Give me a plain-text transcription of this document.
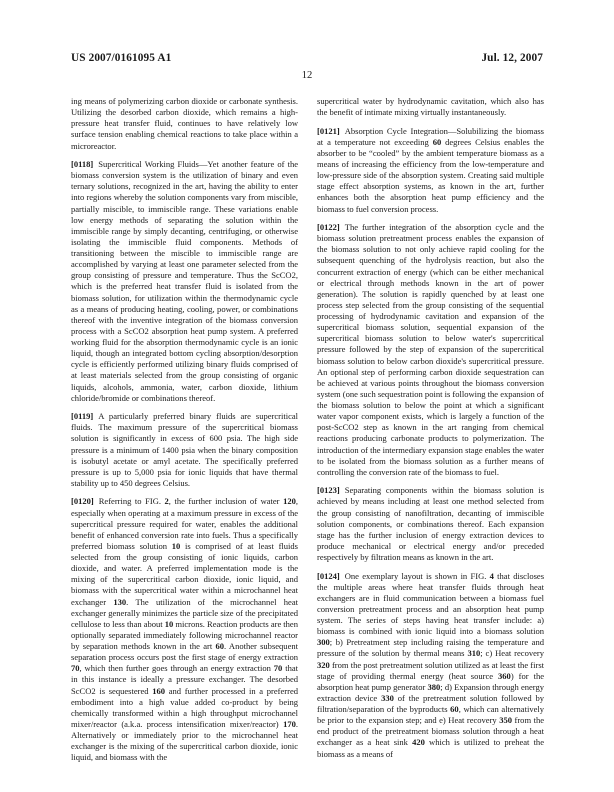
US 2007/0161095 A1	Jul. 12, 2007
12

ing means of polymerizing carbon dioxide or carbonate synthesis. Utilizing the desorbed carbon dioxide, which remains a high-pressure heat transfer fluid, continues to have relatively low surface tension enabling chemical reactions to take place within a microreactor.

[0118] Supercritical Working Fluids—Yet another feature of the biomass conversion system is the utilization of binary and even ternary solutions, recognized in the art, having the ability to enter into regions whereby the solution components vary from miscible, partially miscible, to immiscible range. These variations enable low energy methods of separating the solution within the immiscible range by simply decanting, centrifuging, or otherwise isolating the immiscible fluid components. Methods of transitioning between the miscible to immiscible range are accomplished by varying at least one parameter selected from the group consisting of pressure and temperature. Thus the ScCO2, which is the preferred heat transfer fluid is isolated from the biomass solution, for utilization within the thermodynamic cycle as a means of producing heating, cooling, power, or combinations thereof with the inventive integration of the biomass conversion process with a ScCO2 absorption heat pump system. A preferred working fluid for the absorption thermodynamic cycle is an ionic liquid, though an integrated bottom cycling absorption/desorption cycle is efficiently performed utilizing binary fluids comprised of at least materials selected from the group consisting of organic liquids, alcohols, ammonia, water, carbon dioxide, lithium chloride/bromide or combinations thereof.

[0119] A particularly preferred binary fluids are supercritical fluids. The maximum pressure of the supercritical biomass solution is significantly in excess of 600 psia. The high side pressure is a minimum of 1400 psia when the binary composition is isobutyl acetate or amyl acetate. The specifically preferred pressure is up to 5,000 psia for ionic liquids that have thermal stability up to 450 degrees Celsius.

[0120] Referring to FIG. 2, the further inclusion of water 120, especially when operating at a maximum pressure in excess of the supercritical pressure required for water, enables the additional benefit of enhanced conversion rate into fuels. Thus a specifically preferred biomass solution 10 is comprised of at least fluids selected from the group consisting of ionic liquids, carbon dioxide, and water. A preferred implementation mode is the mixing of the supercritical carbon dioxide, ionic liquid, and biomass with the supercritical water within a microchannel heat exchanger 130. The utilization of the microchannel heat exchanger generally minimizes the particle size of the precipitated cellulose to less than about 10 microns. Reaction products are then optionally separated immediately following microchannel reactor by separation methods known in the art 60. Another subsequent separation process occurs post the first stage of energy extraction 70, which then further goes through an energy extraction 70 that in this instance is ideally a pressure exchanger. The desorbed ScCO2 is sequestered 160 and further processed in a preferred embodiment into a high value added co-product by being chemically transformed within a high throughput microchannel mixer/reactor (a.k.a. process intensification mixer/reactor) 170. Alternatively or immediately prior to the microchannel heat exchanger is the mixing of the supercritical carbon dioxide, ionic liquid, and biomass with the

supercritical water by hydrodynamic cavitation, which also has the benefit of intimate mixing virtually instantaneously.

[0121] Absorption Cycle Integration—Solubilizing the biomass at a temperature not exceeding 60 degrees Celsius enables the absorber to be “cooled” by the ambient temperature biomass as a means of increasing the efficiency from the low-temperature and low-pressure side of the absorption system. Creating said multiple stage effect absorption systems, as known in the art, further enhances both the absorption heat pump efficiency and the biomass to fuel conversion process.

[0122] The further integration of the absorption cycle and the biomass solution pretreatment process enables the expansion of the biomass solution to not only achieve rapid cooling for the subsequent quenching of the hydrolysis reaction, but also the concurrent extraction of energy (which can be either mechanical or electrical through methods known in the art of power generation). The solution is rapidly quenched by at least one process step selected from the group consisting of the sequential processing of hydrodynamic cavitation and expansion of the supercritical biomass solution, sequential expansion of the supercritical biomass solution to below water's supercritical pressure followed by the step of expansion of the supercritical biomass solution to below carbon dioxide's supercritical pressure. An optional step of performing carbon dioxide sequestration can be achieved at various points throughout the biomass conversion system (one such sequestration point is following the expansion of the biomass solution to below the point at which a significant water vapor component exists, which is largely a function of the post-ScCO2 step as known in the art ranging from chemical reactions producing carbonate products to polymerization. The introduction of the intermediary expansion stage enables the water to be isolated from the biomass solution as a further means of controlling the conversion rate of the biomass to fuel.

[0123] Separating components within the biomass solution is achieved by means including at least one method selected from the group consisting of nanofiltration, decanting of immiscible solution components, or combinations thereof. Each expansion stage has the further inclusion of energy extraction devices to produce mechanical or electrical energy and/or preceded respectively by filtration means as known in the art.

[0124] One exemplary layout is shown in FIG. 4 that discloses the multiple areas where heat transfer fluids through heat exchangers are in fluid communication between a biomass fuel conversion pretreatment process and an absorption heat pump system. The series of steps having heat transfer include: a) biomass is combined with ionic liquid into a biomass solution 300; b) Pretreatment step including raising the temperature and pressure of the solution by thermal means 310; c) Heat recovery 320 from the post pretreatment solution utilized as at least the first stage of providing thermal energy (heat source 360) for the absorption heat pump generator 380; d) Expansion through energy extraction device 330 of the pretreatment solution followed by filtration/separation of the byproducts 60, which can alternatively be prior to the expansion step; and e) Heat recovery 350 from the end product of the pretreatment biomass solution through a heat exchanger as a heat sink 420 which is utilized to preheat the biomass as a means of
